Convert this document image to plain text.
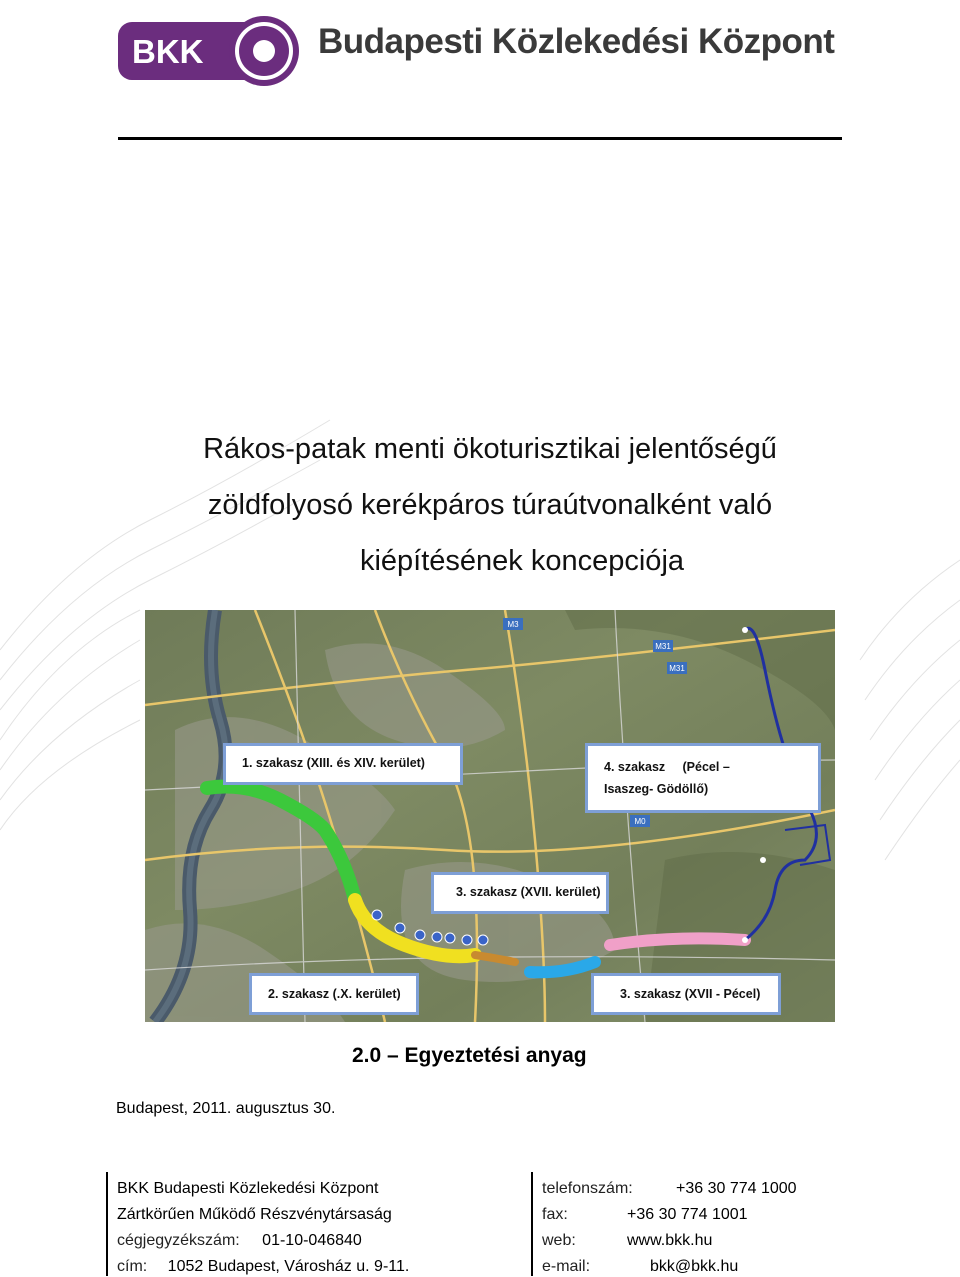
BKK	Budapesti Közlekedési Központ
Rákos-patak menti ökoturisztikai jelentőségű
zöldfolyosó kerékpáros túraútvonalként való
kiépítésének koncepciója
M3
M31
M0
M31
1. szakasz (XIII. és XIV. kerület)	4. szakasz     (Pécel –
Isaszeg- Gödöllő)
3. szakasz (XVII. kerület)
2. szakasz (.X. kerület)	3. szakasz (XVII - Pécel)
2.0 – Egyeztetési anyag
Budapest, 2011. augusztus 30.
BKK Budapesti Közlekedési Központ
Zártkörűen Működő Részvénytársaság
cégjegyzékszám: 01-10-046840
cím: 1052 Budapest, Városház u. 9-11.
telefonszám:	+36 30 774 1000
fax:	+36 30 774 1001
web:	www.bkk.hu
e-mail:	bkk@bkk.hu
